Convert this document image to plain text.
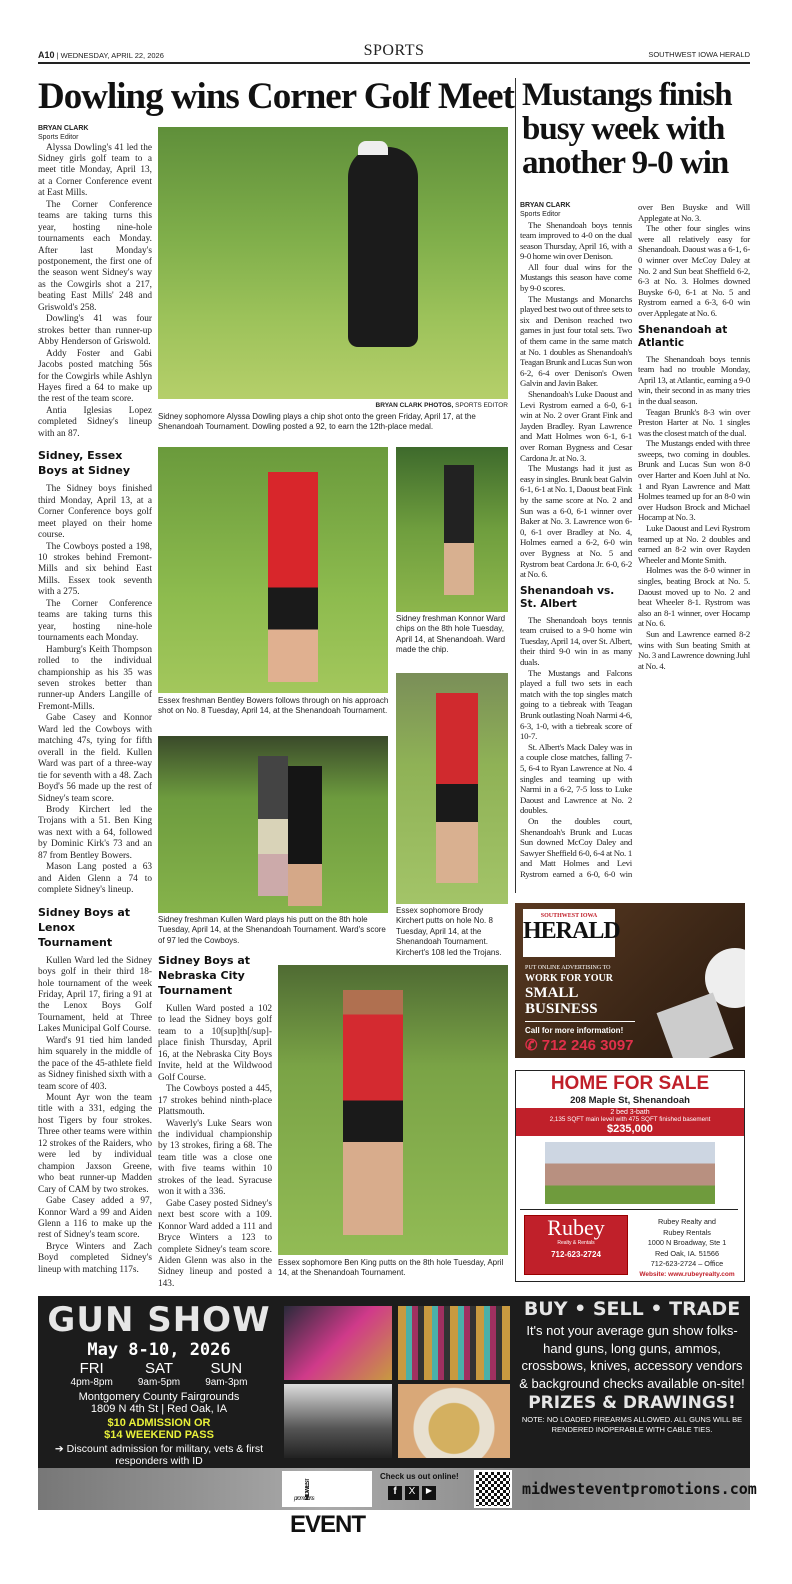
A10 | WEDNESDAY, APRIL 22, 2026	SPORTS	SOUTHWEST IOWA HERALD
Dowling wins Corner Golf Meet
BRYAN CLARK
Sports Editor

Alyssa Dowling's 41 led the Sidney girls golf team to a meet title Monday, April 13, at a Corner Conference event at East Mills.

The Corner Conference teams are taking turns this year, hosting nine-hole tournaments each Monday. After last Monday's postponement, the first one of the season went Sidney's way as the Cowgirls shot a 217, beating East Mills' 248 and Griswold's 258.

Dowling's 41 was four strokes better than runner-up Abby Henderson of Griswold.

Addy Foster and Gabi Jacobs posted matching 56s for the Cowgirls while Ashlyn Hayes fired a 64 to make up the rest of the team score.

Antia Iglesias Lopez completed Sidney's lineup with an 87.

Sidney, Essex Boys at Sidney

The Sidney boys finished third Monday, April 13, at a Corner Conference boys golf meet played on their home course.

The Cowboys posted a 198, 10 strokes behind Fremont-Mills and six behind East Mills. Essex took seventh with a 275.

The Corner Conference teams are taking turns this year, hosting nine-hole tournaments each Monday.

Hamburg's Keith Thompson rolled to the individual championship as his 35 was seven strokes better than runner-up Anders Langille of Fremont-Mills.

Gabe Casey and Konnor Ward led the Cowboys with matching 47s, tying for fifth overall in the field. Kullen Ward was part of a three-way tie for seventh with a 48. Zach Boyd's 56 made up the rest of Sidney's team score.

Brody Kirchert led the Trojans with a 51. Ben King was next with a 64, followed by Dominic Kirk's 73 and an 87 from Bentley Bowers.

Mason Lang posted a 63 and Aiden Glenn a 74 to complete Sidney's lineup.

Sidney Boys at Lenox Tournament

Kullen Ward led the Sidney boys golf in their third 18-hole tournament of the week Friday, April 17, firing a 91 at the Lenox Boys Golf Tournament, held at Three Lakes Municipal Golf Course.

Ward's 91 tied him landed him squarely in the middle of the pace of the 45-athlete field as Sidney finished sixth with a team score of 403.

Mount Ayr won the team title with a 331, edging the host Tigers by four strokes. Three other teams were within 12 strokes of the Raiders, who were led by individual champion Jaxson Greene, who beat runner-up Madden Cary of CAM by two strokes.

Gabe Casey added a 97, Konnor Ward a 99 and Aiden Glenn a 116 to make up the rest of Sidney's team score.

Bryce Winters and Zach Boyd completed Sidney's lineup with matching 117s.

BRYAN CLARK PHOTOS, SPORTS EDITOR
Sidney sophomore Alyssa Dowling plays a chip shot onto the green Friday, April 17, at the Shenandoah Tournament. Dowling posted a 92, to earn the 12th-place medal.
Essex freshman Bentley Bowers follows through on his approach shot on No. 8 Tuesday, April 14, at the Shenandoah Tournament.
Sidney freshman Konnor Ward chips on the 8th hole Tuesday, April 14, at Shenandoah. Ward made the chip.
Sidney freshman Kullen Ward plays his putt on the 8th hole Tuesday, April 14, at the Shenandoah Tournament. Ward's score of 97 led the Cowboys.
Essex sophomore Brody Kirchert putts on hole No. 8 Tuesday, April 14, at the Shenandoah Tournament. Kirchert's 108 led the Trojans.
Sidney Boys at Nebraska City Tournament

Kullen Ward posted a 102 to lead the Sidney boys golf team to a 10[sup]th[/sup]-place finish Thursday, April 16, at the Nebraska City Boys Invite, held at the Wildwood Golf Course.

The Cowboys posted a 445, 17 strokes behind ninth-place Plattsmouth.

Waverly's Luke Sears won the individual championship by 13 strokes, firing a 68. The team title was a close one with five teams within 10 strokes of the lead. Syracuse won it with a 336.

Gabe Casey posted Sidney's next best score with a 109. Konnor Ward added a 111 and Bryce Winters a 123 to complete Sidney's team score. Aiden Glenn was also in the Sidney lineup and posted a 143.

Essex sophomore Ben King putts on the 8th hole Tuesday, April 14, at the Shenandoah Tournament.
Mustangs finish busy week with another 9-0 win
BRYAN CLARK
Sports Editor

The Shenandoah boys tennis team improved to 4-0 on the dual season Thursday, April 16, with a 9-0 home win over Denison.

All four dual wins for the Mustangs this season have come by 9-0 scores.

The Mustangs and Monarchs played best two out of three sets to six and Denison reached two games in just four total sets. Two of them came in the same match at No. 1 doubles as Shenandoah's Teagan Brunk and Lucas Sun won 6-2, 6-4 over Denison's Owen Galvin and Javin Baker.

Shenandoah's Luke Daoust and Levi Rystrom earned a 6-0, 6-1 win at No. 2 over Grant Fink and Jayden Bradley. Ryan Lawrence and Matt Holmes won 6-1, 6-1 over Roman Bygness and Cesar Cardona Jr. at No. 3.

The Mustangs had it just as easy in singles. Brunk beat Galvin 6-1, 6-1 at No. 1, Daoust beat Fink by the same score at No. 2 and Sun was a 6-0, 6-1 winner over Baker at No. 3. Lawrence won 6-0, 6-1 over Bradley at No. 4, Holmes earned a 6-2, 6-0 win over Bygness at No. 5 and Rystrom beat Cardona Jr. 6-0, 6-2 at No. 6.

Shenandoah vs. St. Albert

The Shenandoah boys tennis team cruised to a 9-0 home win Tuesday, April 14, over St. Albert, their third 9-0 win in as many duals.

The Mustangs and Falcons played a full two sets in each match with the top singles match going to a tiebreak with Teagan Brunk outlasting Noah Narmi 4-6, 6-3, 1-0, with a tiebreak score of 10-7.

St. Albert's Mack Daley was in a couple close matches, falling 7-5, 6-4 to Ryan Lawrence at No. 4 singles and teaming up with Narmi in a 6-2, 7-5 loss to Luke Daoust and Lawrence at No. 2 doubles.

On the doubles court, Shenandoah's Brunk and Lucas Sun downed McCoy Daley and Sawyer Sheffield 6-0, 6-4 at No. 1 and Matt Holmes and Levi Rystrom earned a 6-0, 6-0 win over Ben Buyske and Will Applegate at No. 3.

The other four singles wins were all relatively easy for Shenandoah. Daoust was a 6-1, 6-0 winner over McCoy Daley at No. 2 and Sun beat Sheffield 6-2, 6-3 at No. 3. Holmes downed Buyske 6-0, 6-1 at No. 5 and Rystrom earned a 6-3, 6-0 win over Applegate at No. 6.

Shenandoah at Atlantic

The Shenandoah boys tennis team had no trouble Monday, April 13, at Atlantic, earning a 9-0 win, their second in as many tries in the dual season.

Teagan Brunk's 8-3 win over Preston Harter at No. 1 singles was the closest match of the dual.

The Mustangs ended with three sweeps, two coming in doubles. Brunk and Lucas Sun won 8-0 over Harter and Koen Juhl at No. 1 and Ryan Lawrence and Matt Holmes teamed up for an 8-0 win over Hudson Brock and Michael Hocamp at No. 3.

Luke Daoust and Levi Rystrom teamed up at No. 2 doubles and earned an 8-2 win over Rayden Wheeler and Monte Smith.

Holmes was the 8-0 winner in singles, beating Brock at No. 5. Daoust moved up to No. 2 and beat Wheeler 8-1. Rystrom was also an 8-1 winner, over Hocamp at No. 6.

Sun and Lawrence earned 8-2 wins with Sun beating Smith at No. 3 and Lawrence downing Juhl at No. 4.

SOUTHWEST IOWA
HERALD
PUT ONLINE ADVERTISING TO
WORK FOR YOUR
SMALL
BUSINESS
Call for more information!
✆ 712 246 3097
HOME FOR SALE
208 Maple St, Shenandoah
2 bed 3-bath
2,135 SQFT main level with 475 SQFT finished basement
$235,000
Rubey
Realty & Rentals
712-623-2724
Rubey Realty and
Rubey Rentals
1000 N Broadway, Ste 1
Red Oak, IA. 51566
712-623-2724 – Office
Website: www.rubeyrealty.com
GUN SHOW
May 8-10, 2026
FRI
4pm-8pm
SAT
9am-5pm
SUN
9am-3pm
Montgomery County Fairgrounds
1809 N 4th St | Red Oak, IA
$10 ADMISSION OR
$14 WEEKEND PASS
➔ Discount admission for military, vets & first responders with ID
MIDWESTEVENT
promotions
Check us out online!
f	X	▶	midwesteventpromotions.com
BUY • SELL • TRADE
It's not your average gun show folks- hand guns, long guns, ammos, crossbows, knives, accessory vendors & background checks available on-site!
PRIZES & DRAWINGS!
NOTE: NO LOADED FIREARMS ALLOWED. ALL GUNS WILL BE RENDERED INOPERABLE WITH CABLE TIES.
